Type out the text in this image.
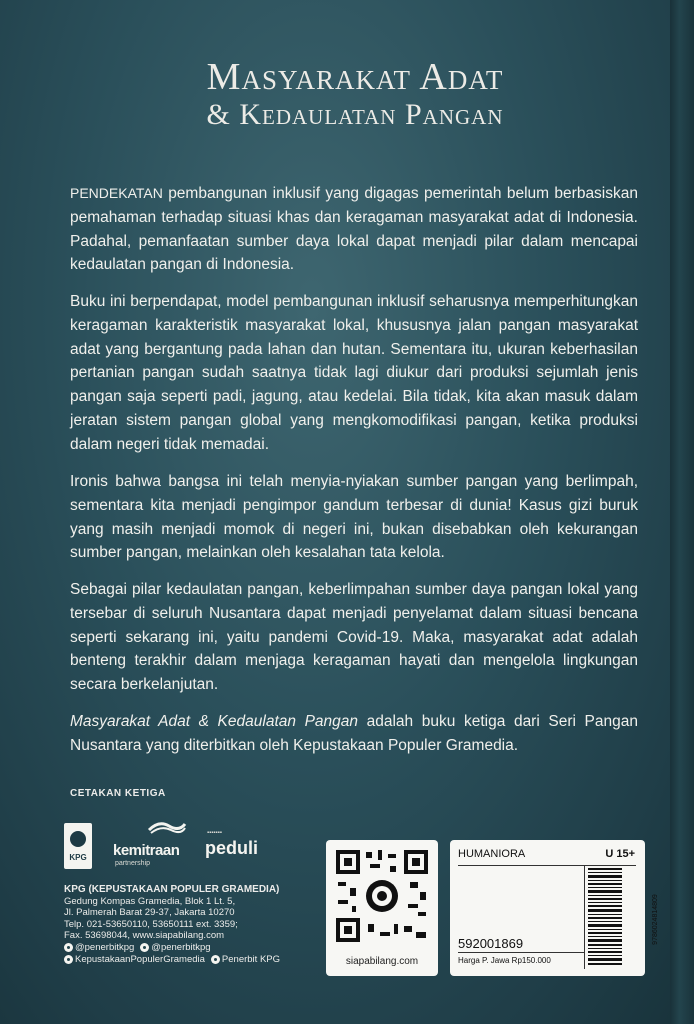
Masyarakat Adat
& Kedaulatan Pangan

PENDEKATAN pembangunan inklusif yang digagas pemerintah belum berbasiskan pemahaman terhadap situasi khas dan keragaman masyarakat adat di Indonesia. Padahal, pemanfaatan sumber daya lokal dapat menjadi pilar dalam mencapai kedaulatan pangan di Indonesia.

Buku ini berpendapat, model pembangunan inklusif seharusnya memperhitungkan keragaman karakteristik masyarakat lokal, khususnya jalan pangan masyarakat adat yang bergantung pada lahan dan hutan. Sementara itu, ukuran keberhasilan pertanian pangan sudah saatnya tidak lagi diukur dari produksi sejumlah jenis pangan saja seperti padi, jagung, atau kedelai. Bila tidak, kita akan masuk dalam jeratan sistem pangan global yang mengkomodifikasi pangan, ketika produksi dalam negeri tidak memadai.

Ironis bahwa bangsa ini telah menyia-nyiakan sumber pangan yang berlimpah, sementara kita menjadi pengimpor gandum terbesar di dunia! Kasus gizi buruk yang masih menjadi momok di negeri ini, bukan disebabkan oleh kekurangan sumber pangan, melainkan oleh kesalahan tata kelola.

Sebagai pilar kedaulatan pangan, keberlimpahan sumber daya pangan lokal yang tersebar di seluruh Nusantara dapat menjadi penyelamat dalam situasi bencana seperti sekarang ini, yaitu pandemi Covid-19. Maka, masyarakat adat adalah benteng terakhir dalam menjaga keragaman hayati dan mengelola lingkungan secara berkelanjutan.

Masyarakat Adat & Kedaulatan Pangan adalah buku ketiga dari Seri Pangan Nusantara yang diterbitkan oleh Kepustakaan Populer Gramedia.

CETAKAN KETIGA
KPG	kemitraan
partnership
▪▪▪▪▪▪▪
peduli
KPG (KEPUSTAKAAN POPULER GRAMEDIA)
Gedung Kompas Gramedia, Blok 1 Lt. 5,
Jl. Palmerah Barat 29-37, Jakarta 10270
Telp. 021-53650110, 53650111 ext. 3359;
Fax. 53698044, www.siapabilang.com
@penerbitkpg @penerbitkpg
KepustakaanPopulerGramedia Penerbit KPG	siapabilang.com
HUMANIORA	U 15+
592001869
Harga P. Jawa Rp150.000
9786024814809
